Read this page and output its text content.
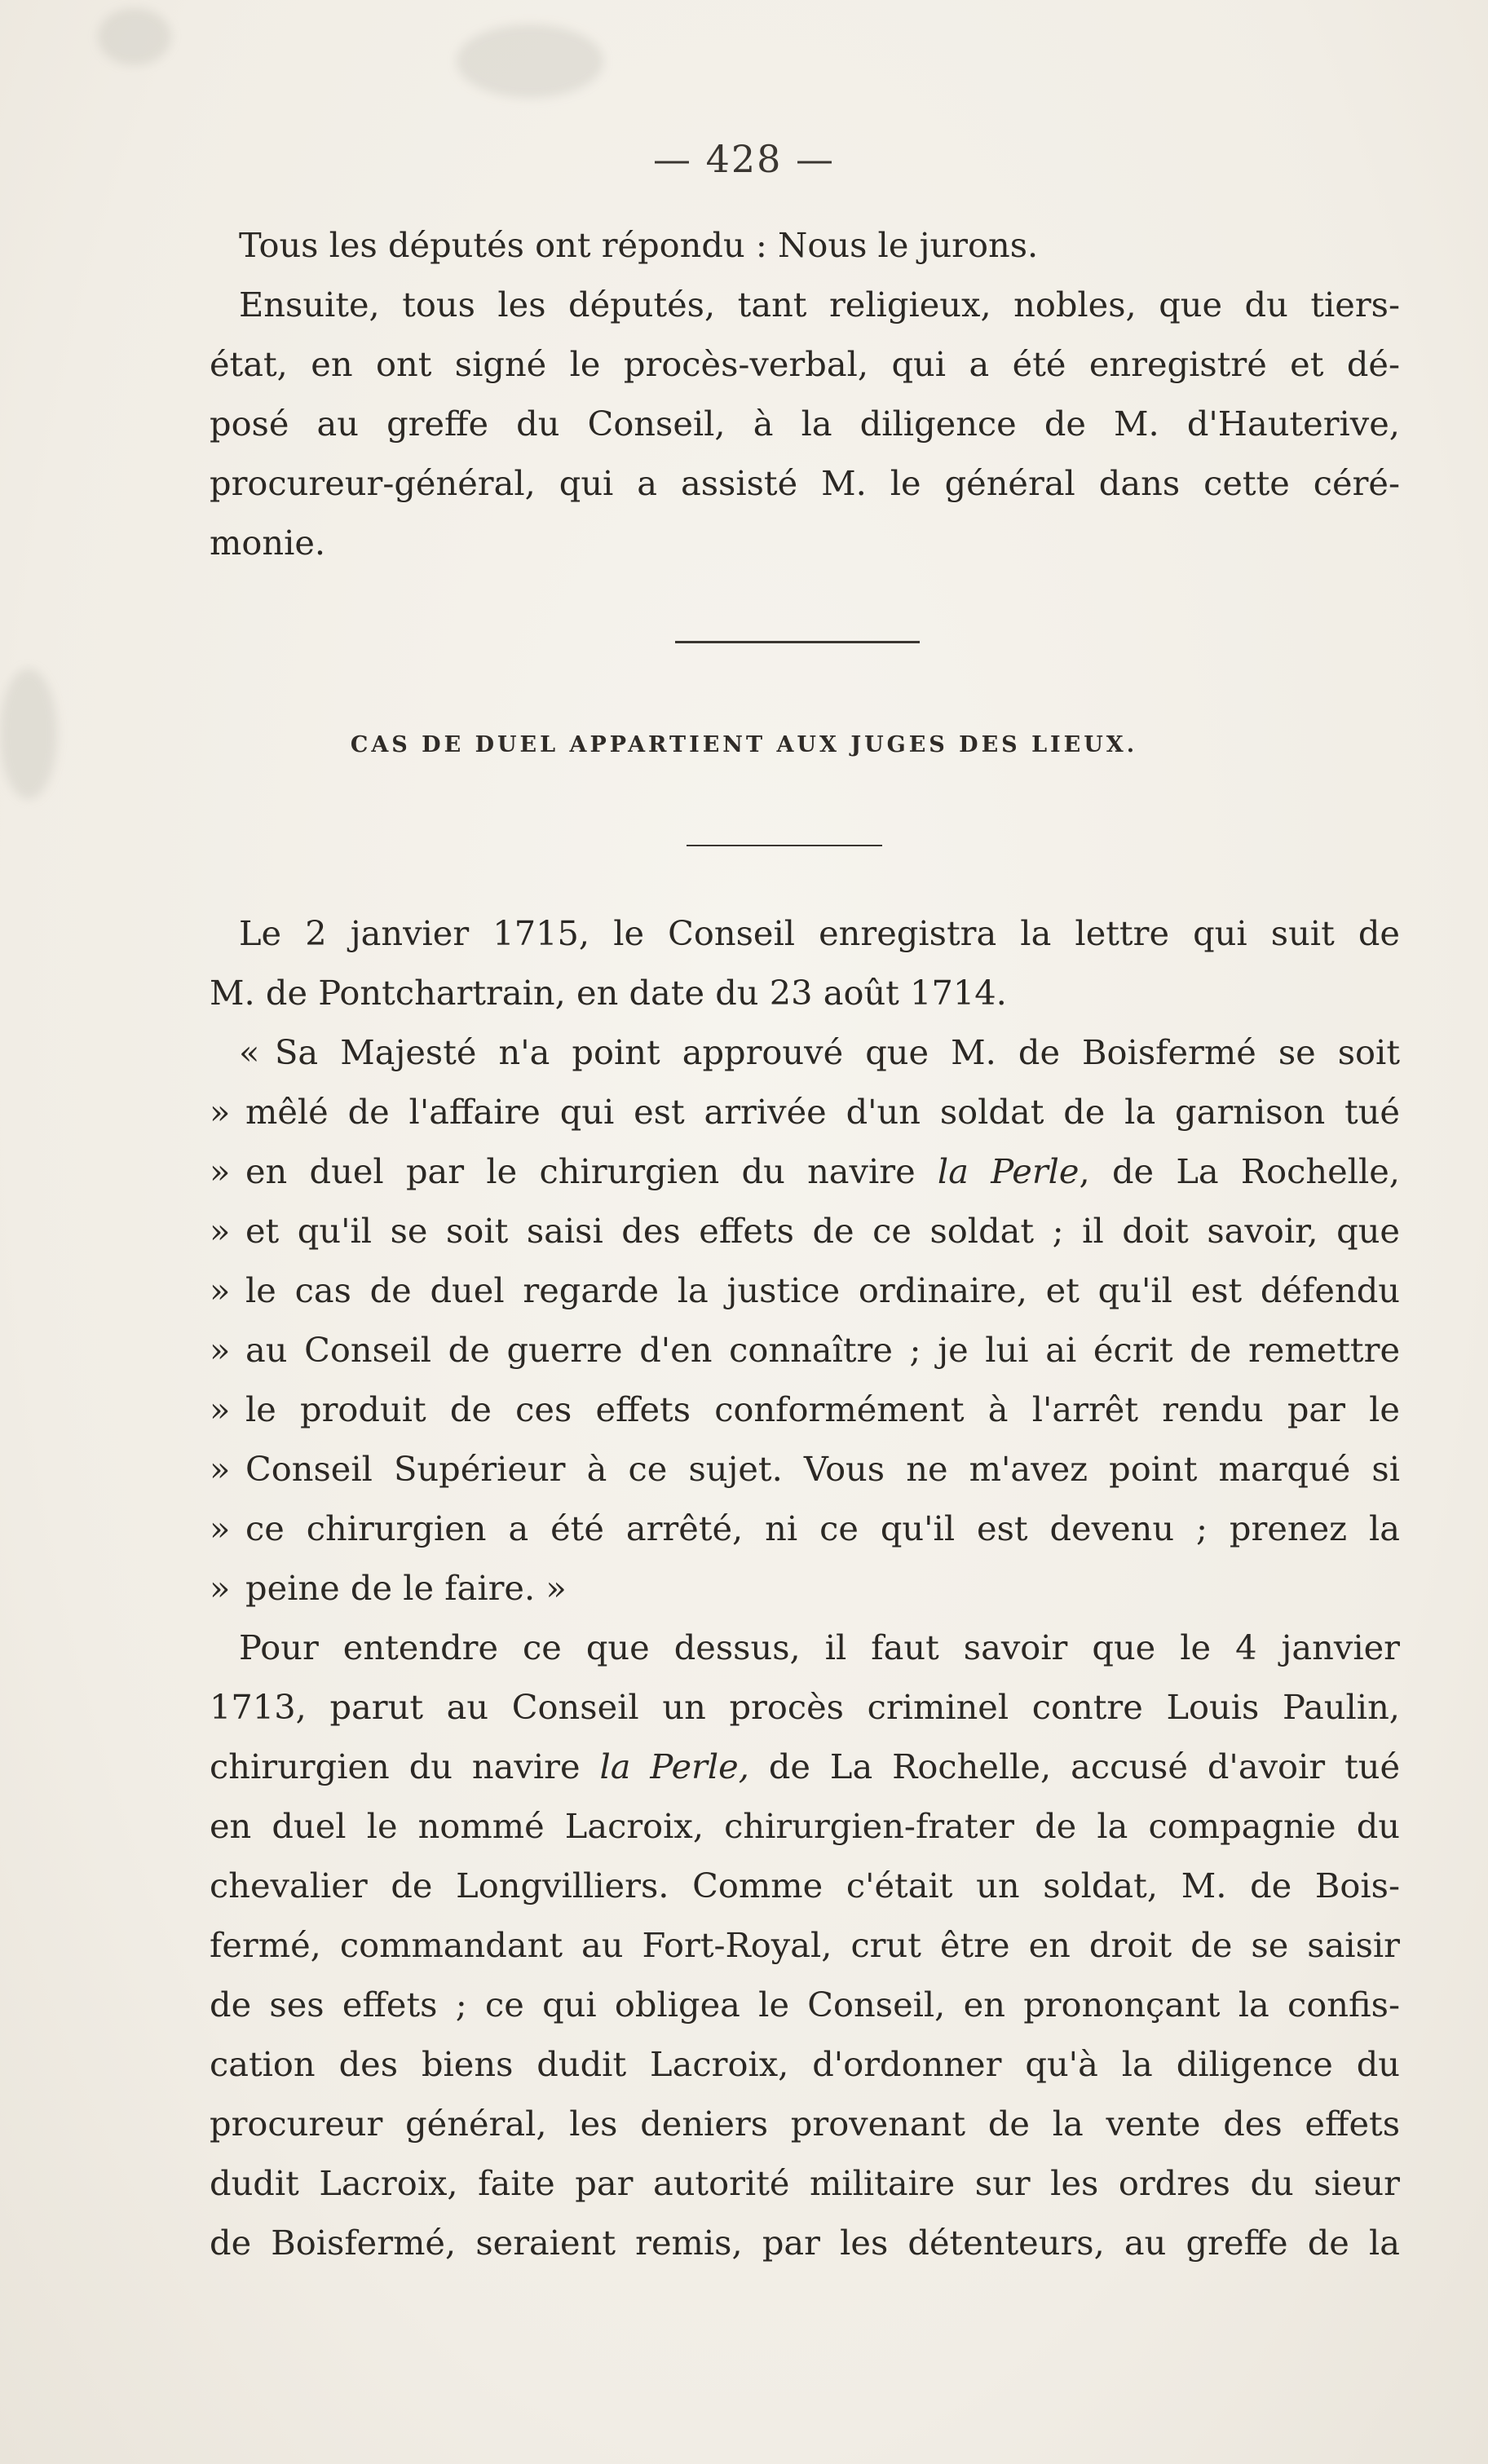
— 428 —
Tous les députés ont répondu : Nous le jurons.
Ensuite, tous les députés, tant religieux, nobles, que du tiers-
état, en ont signé le procès-verbal, qui a été enregistré et dé-
posé au greffe du Conseil, à la diligence de M. d'Hauterive,
procureur-général, qui a assisté M. le général dans cette céré-
monie.
CAS DE DUEL APPARTIENT AUX JUGES DES LIEUX.
Le 2 janvier 1715, le Conseil enregistra la lettre qui suit de
M. de Pontchartrain, en date du 23 août 1714.
« Sa Majesté n'a point approuvé que M. de Boisfermé se soit
» mêlé de l'affaire qui est arrivée d'un soldat de la garnison tué
» en duel par le chirurgien du navire la Perle, de La Rochelle,
» et qu'il se soit saisi des effets de ce soldat ; il doit savoir, que
» le cas de duel regarde la justice ordinaire, et qu'il est défendu
» au Conseil de guerre d'en connaître ; je lui ai écrit de remettre
» le produit de ces effets conformément à l'arrêt rendu par le
» Conseil Supérieur à ce sujet. Vous ne m'avez point marqué si
» ce chirurgien a été arrêté, ni ce qu'il est devenu ; prenez la
» peine de le faire. »
Pour entendre ce que dessus, il faut savoir que le 4 janvier
1713, parut au Conseil un procès criminel contre Louis Paulin,
chirurgien du navire la Perle, de La Rochelle, accusé d'avoir tué
en duel le nommé Lacroix, chirurgien-frater de la compagnie du
chevalier de Longvilliers. Comme c'était un soldat, M. de Bois-
fermé, commandant au Fort-Royal, crut être en droit de se saisir
de ses effets ; ce qui obligea le Conseil, en prononçant la confis-
cation des biens dudit Lacroix, d'ordonner qu'à la diligence du
procureur général, les deniers provenant de la vente des effets
dudit Lacroix, faite par autorité militaire sur les ordres du sieur
de Boisfermé, seraient remis, par les détenteurs, au greffe de la
